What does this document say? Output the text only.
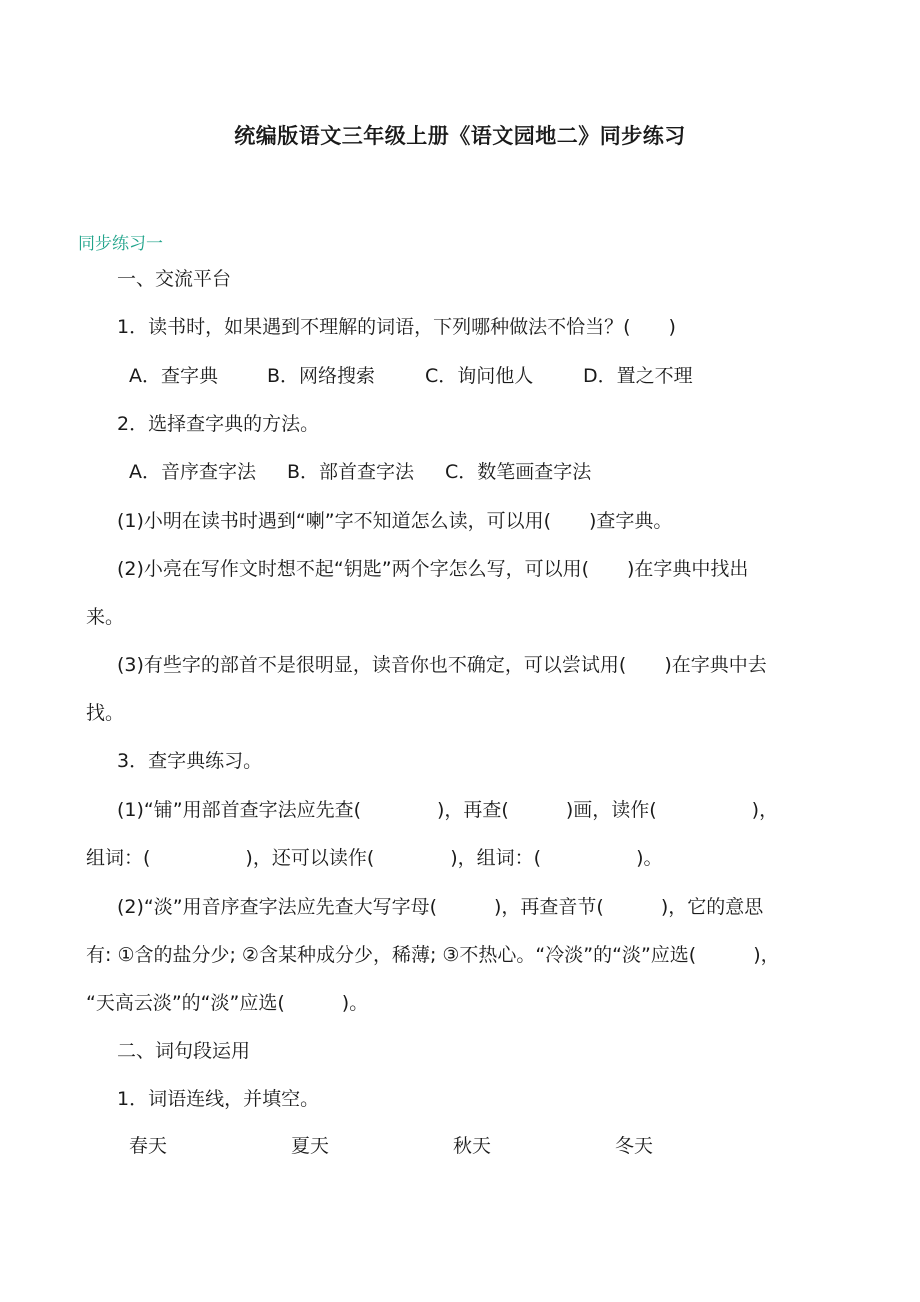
统编版语文三年级上册《语文园地二》同步练习
同步练习一
一、交流平台
1．读书时，如果遇到不理解的词语，下列哪种做法不恰当？(　　)
A．查字典	B．网络搜索	C．询问他人	D．置之不理
2．选择查字典的方法。
A．音序查字法 B．部首查字法 C．数笔画查字法
(1)小明在读书时遇到“喇”字不知道怎么读，可以用(　　)查字典。
(2)小亮在写作文时想不起“钥匙”两个字怎么写，可以用(　　)在字典中找出
来。
(3)有些字的部首不是很明显，读音你也不确定，可以尝试用(　　)在字典中去
找。
3．查字典练习。
(1)“铺”用部首查字法应先查(　　　　)，再查(　　　)画，读作(　　　　　)，
组词：(　　　　　)，还可以读作(　　　　)，组词：(　　　　　)。
(2)“淡”用音序查字法应先查大写字母(　　　)，再查音节(　　　)，它的意思
有: ①含的盐分少; ②含某种成分少，稀薄; ③不热心。“冷淡”的“淡”应选(　　　)，
“天高云淡”的“淡”应选(　　　)。
二、词句段运用
1．词语连线，并填空。
春天	夏天	秋天	冬天
